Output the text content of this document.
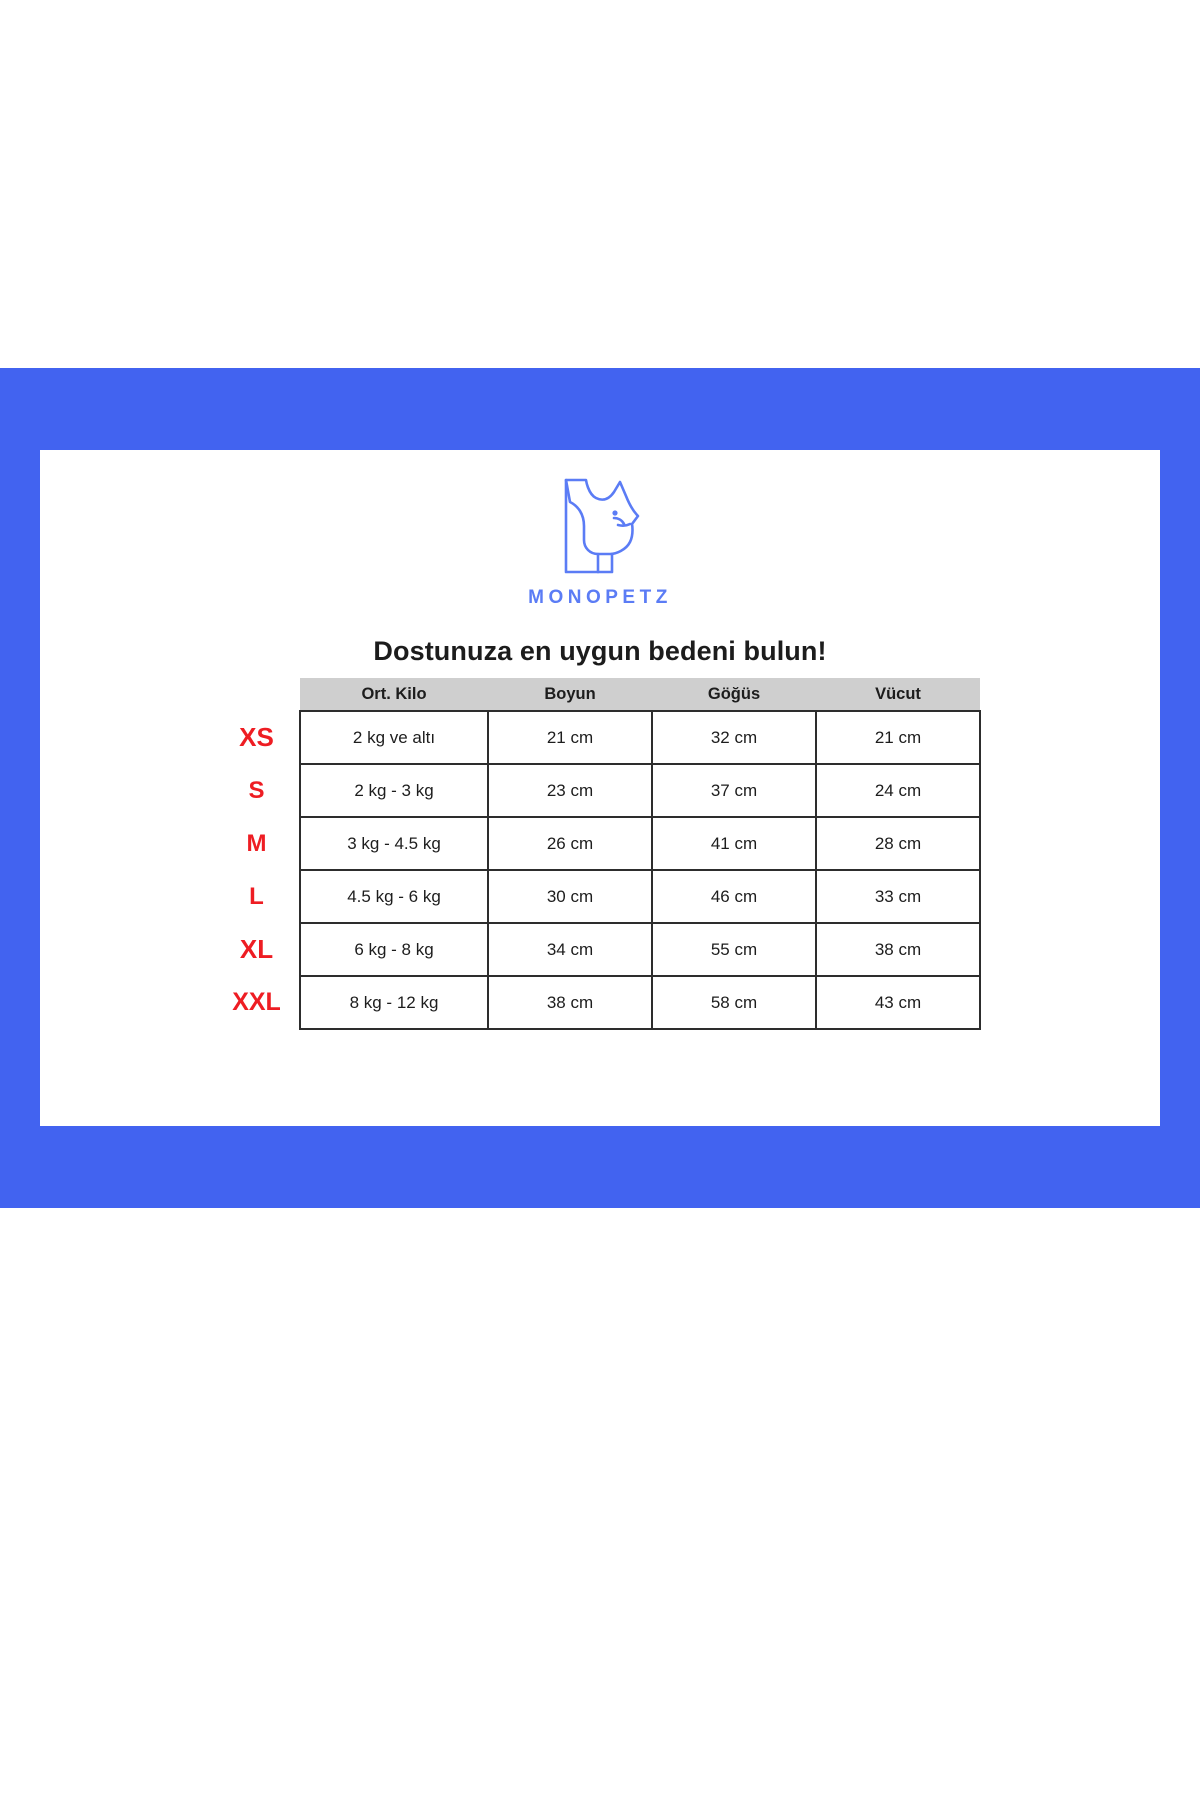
MONOPETZ
Dostunuza en uygun bedeni bulun!
	Ort. Kilo	Boyun	Göğüs	Vücut
XS	2 kg ve altı	21 cm	32 cm	21 cm
S	2 kg - 3 kg	23 cm	37 cm	24 cm
M	3 kg - 4.5 kg	26 cm	41 cm	28 cm
L	4.5 kg - 6 kg	30 cm	46 cm	33 cm
XL	6 kg - 8 kg	34 cm	55 cm	38 cm
XXL	8 kg - 12 kg	38 cm	58 cm	43 cm
